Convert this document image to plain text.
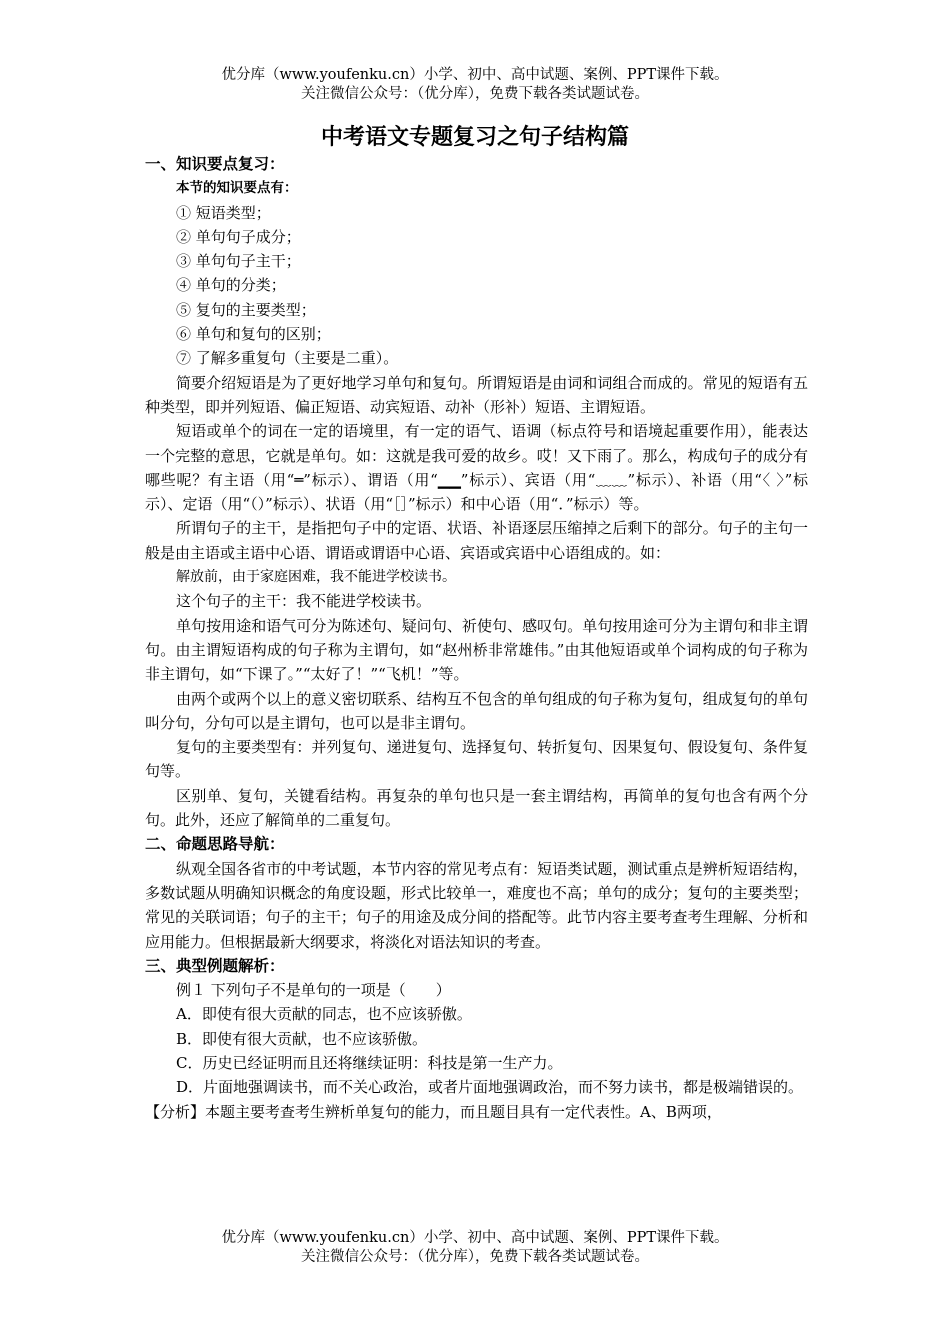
优分库（www.youfenku.cn）小学、初中、高中试题、案例、PPT课件下载。
关注微信公众号：（优分库），免费下载各类试题试卷。
中考语文专题复习之句子结构篇

一、知识要点复习：

本节的知识要点有：

① 短语类型；

② 单句句子成分；

③ 单句句子主干；

④ 单句的分类；

⑤ 复句的主要类型；

⑥ 单句和复句的区别；

⑦ 了解多重复句（主要是二重）。

简要介绍短语是为了更好地学习单句和复句。所谓短语是由词和词组合而成的。常见的短语有五种类型，即并列短语、偏正短语、动宾短语、动补（形补）短语、主谓短语。

短语或单个的词在一定的语境里，有一定的语气、语调（标点符号和语境起重要作用），能表达一个完整的意思，它就是单句。如：这就是我可爱的故乡。哎！又下雨了。那么，构成句子的成分有哪些呢？有主语（用“═”标示）、谓语（用“▁▁”标示）、宾语（用“﹏﹏”标示）、补语（用“〈 〉”标示）、定语（用“（）”标示）、状语（用“［］”标示）和中心语（用“．”标示）等。

所谓句子的主干，是指把句子中的定语、状语、补语逐层压缩掉之后剩下的部分。句子的主句一般是由主语或主语中心语、谓语或谓语中心语、宾语或宾语中心语组成的。如：

解放前，由于家庭困难，我不能进学校读书。

这个句子的主干：我不能进学校读书。

单句按用途和语气可分为陈述句、疑问句、祈使句、感叹句。单句按用途可分为主谓句和非主谓句。由主谓短语构成的句子称为主谓句，如“赵州桥非常雄伟。”由其他短语或单个词构成的句子称为非主谓句，如“下课了。”“太好了！”“飞机！”等。

由两个或两个以上的意义密切联系、结构互不包含的单句组成的句子称为复句，组成复句的单句叫分句，分句可以是主谓句，也可以是非主谓句。

复句的主要类型有：并列复句、递进复句、选择复句、转折复句、因果复句、假设复句、条件复句等。

区别单、复句，关键看结构。再复杂的单句也只是一套主谓结构，再简单的复句也含有两个分句。此外，还应了解简单的二重复句。

二、命题思路导航：

纵观全国各省市的中考试题，本节内容的常见考点有：短语类试题，测试重点是辨析短语结构，多数试题从明确知识概念的角度设题，形式比较单一，难度也不高；单句的成分；复句的主要类型；常见的关联词语；句子的主干；句子的用途及成分间的搭配等。此节内容主要考查考生理解、分析和应用能力。但根据最新大纲要求，将淡化对语法知识的考查。

三、典型例题解析：

例１ 下列句子不是单句的一项是（　　）

A．即使有很大贡献的同志，也不应该骄傲。

B．即使有很大贡献，也不应该骄傲。

C．历史已经证明而且还将继续证明：科技是第一生产力。

D．片面地强调读书，而不关心政治，或者片面地强调政治，而不努力读书，都是极端错误的。

【分析】本题主要考查考生辨析单复句的能力，而且题目具有一定代表性。A、B两项，

优分库（www.youfenku.cn）小学、初中、高中试题、案例、PPT课件下载。
关注微信公众号：（优分库），免费下载各类试题试卷。
